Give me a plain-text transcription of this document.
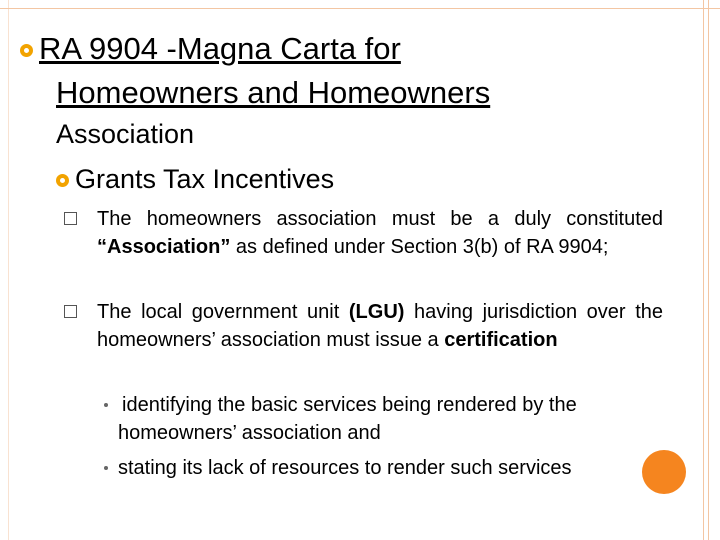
RA 9904 -Magna Carta for
Homeowners and Homeowners
Association
Grants Tax Incentives
The homeowners association must be a duly constituted “Association” as defined under Section 3(b) of RA 9904;
The local government unit (LGU) having jurisdiction over the homeowners’ association must issue a certification
identifying the basic services being rendered by the homeowners’ association and
stating its lack of resources to render such services
